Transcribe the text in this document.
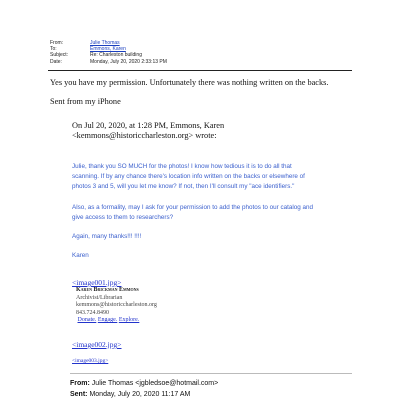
From:	Julie Thomas
To:	Emmons, Karen
Subject:	Re: Charleston building
Date:	Monday, July 20, 2020 2:33:13 PM
Yes you have my permission. Unfortunately there was nothing written on the backs.
Sent from my iPhone
On Jul 20, 2020, at 1:28 PM, Emmons, Karen
<kemmons@historiccharleston.org> wrote:
Julie, thank you SO MUCH for the photos! I know how tedious it is to do all that
scanning. If by any chance there's location info written on the backs or elsewhere of
photos 3 and 5, will you let me know? If not, then I'll consult my "ace identifiers."
Also, as a formality, may I ask for your permission to add the photos to our catalog and
give access to them to researchers?
Again, many thanks!!! !!!!
Karen
<image001.jpg>
Karen Brickman Emmons
Archivist/Librarian
kemmons@historiccharleston.org
843.724.8490
Donate. Engage. Explore.
<image002.jpg>
<image003.jpg>
From: Julie Thomas <jgbledsoe@hotmail.com>
Sent: Monday, July 20, 2020 11:17 AM
